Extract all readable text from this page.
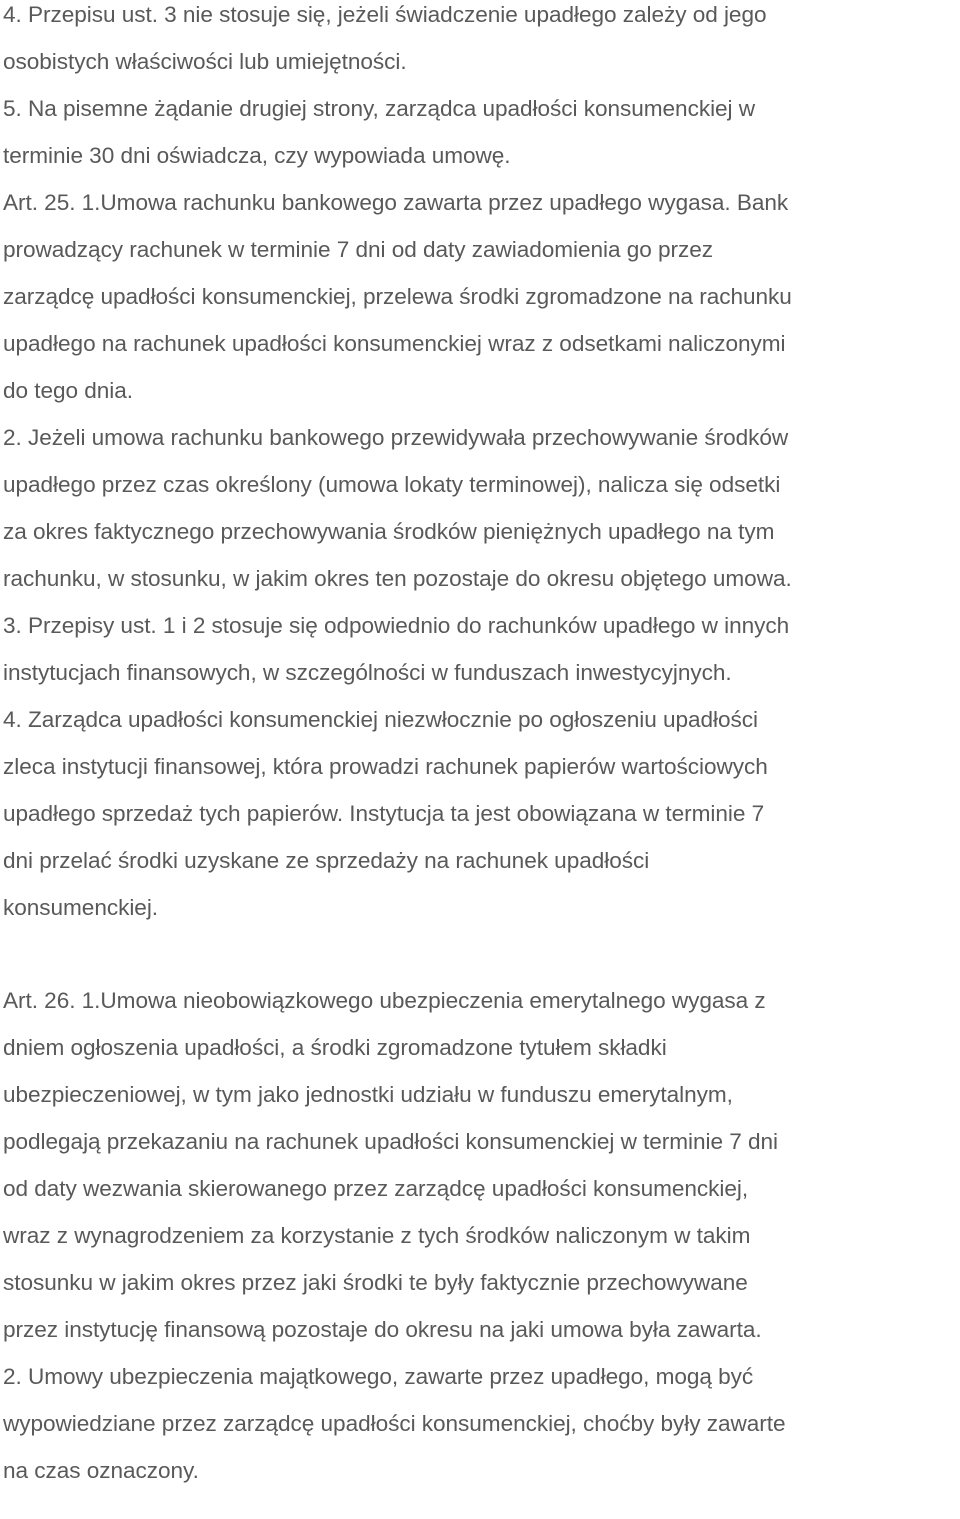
4. Przepisu ust. 3 nie stosuje się, jeżeli świadczenie upadłego zależy od jego
osobistych właściwości lub umiejętności.
5. Na pisemne żądanie drugiej strony, zarządca upadłości konsumenckiej w
terminie 30 dni oświadcza, czy wypowiada umowę.
Art. 25. 1.Umowa rachunku bankowego zawarta przez upadłego wygasa. Bank
prowadzący rachunek w terminie 7 dni od daty zawiadomienia go przez
zarządcę upadłości konsumenckiej, przelewa środki zgromadzone na rachunku
upadłego na rachunek upadłości konsumenckiej wraz z odsetkami naliczonymi
do tego dnia.
2. Jeżeli umowa rachunku bankowego przewidywała przechowywanie środków
upadłego przez czas określony (umowa lokaty terminowej), nalicza się odsetki
za okres faktycznego przechowywania środków pieniężnych upadłego na tym
rachunku, w stosunku, w jakim okres ten pozostaje do okresu objętego umowa.
3. Przepisy ust. 1 i 2 stosuje się odpowiednio do rachunków upadłego w innych
instytucjach finansowych, w szczególności w funduszach inwestycyjnych.
4. Zarządca upadłości konsumenckiej niezwłocznie po ogłoszeniu upadłości
zleca instytucji finansowej, która prowadzi rachunek papierów wartościowych
upadłego sprzedaż tych papierów. Instytucja ta jest obowiązana w terminie 7
dni przelać środki uzyskane ze sprzedaży na rachunek upadłości
konsumenckiej.
Art. 26. 1.Umowa nieobowiązkowego ubezpieczenia emerytalnego wygasa z
dniem ogłoszenia upadłości, a środki zgromadzone tytułem składki
ubezpieczeniowej, w tym jako jednostki udziału w funduszu emerytalnym,
podlegają przekazaniu na rachunek upadłości konsumenckiej w terminie 7 dni
od daty wezwania skierowanego przez zarządcę upadłości konsumenckiej,
wraz z wynagrodzeniem za korzystanie z tych środków naliczonym w takim
stosunku w jakim okres przez jaki środki te były faktycznie przechowywane
przez instytucję finansową pozostaje do okresu na jaki umowa była zawarta.
2. Umowy ubezpieczenia majątkowego, zawarte przez upadłego, mogą być
wypowiedziane przez zarządcę upadłości konsumenckiej, choćby były zawarte
na czas oznaczony.
